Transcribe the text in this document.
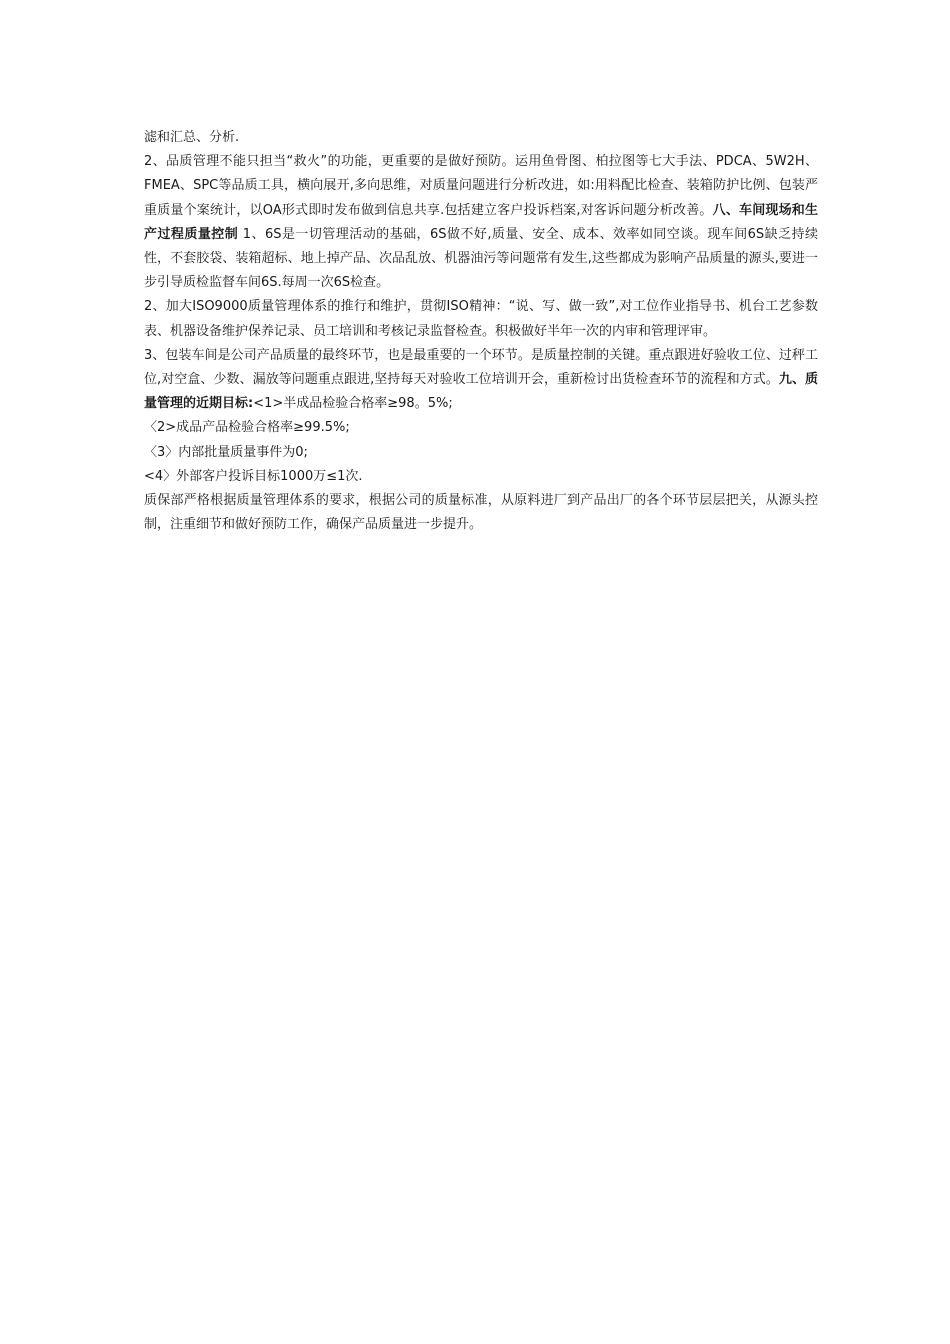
滤和汇总、分析.

2、品质管理不能只担当“救火”的功能，更重要的是做好预防。运用鱼骨图、柏拉图等七大手法、PDCA、5W2H、FMEA、SPC等品质工具，横向展开,多向思维，对质量问题进行分析改进，如:用料配比检查、装箱防护比例、包装严重质量个案统计，以OA形式即时发布做到信息共享.包括建立客户投诉档案,对客诉问题分析改善。八、车间现场和生产过程质量控制 1、6S是一切管理活动的基础，6S做不好,质量、安全、成本、效率如同空谈。现车间6S缺乏持续性，不套胶袋、装箱超标、地上掉产品、次品乱放、机器油污等问题常有发生,这些都成为影响产品质量的源头,要进一步引导质检监督车间6S.每周一次6S检查。

2、加大ISO9000质量管理体系的推行和维护，贯彻ISO精神：“说、写、做一致”,对工位作业指导书、机台工艺参数表、机器设备维护保养记录、员工培训和考核记录监督检查。积极做好半年一次的内审和管理评审。

3、包装车间是公司产品质量的最终环节，也是最重要的一个环节。是质量控制的关键。重点跟进好验收工位、过秤工位,对空盒、少数、漏放等问题重点跟进,坚持每天对验收工位培训开会，重新检讨出货检查环节的流程和方式。九、质量管理的近期目标:<1>半成品检验合格率≥98。5%;

〈2>成品产品检验合格率≥99.5%;

〈3〉内部批量质量事件为0;

<4〉外部客户投诉目标1000万≤1次.

质保部严格根据质量管理体系的要求，根据公司的质量标准，从原料进厂到产品出厂的各个环节层层把关，从源头控制，注重细节和做好预防工作，确保产品质量进一步提升。
